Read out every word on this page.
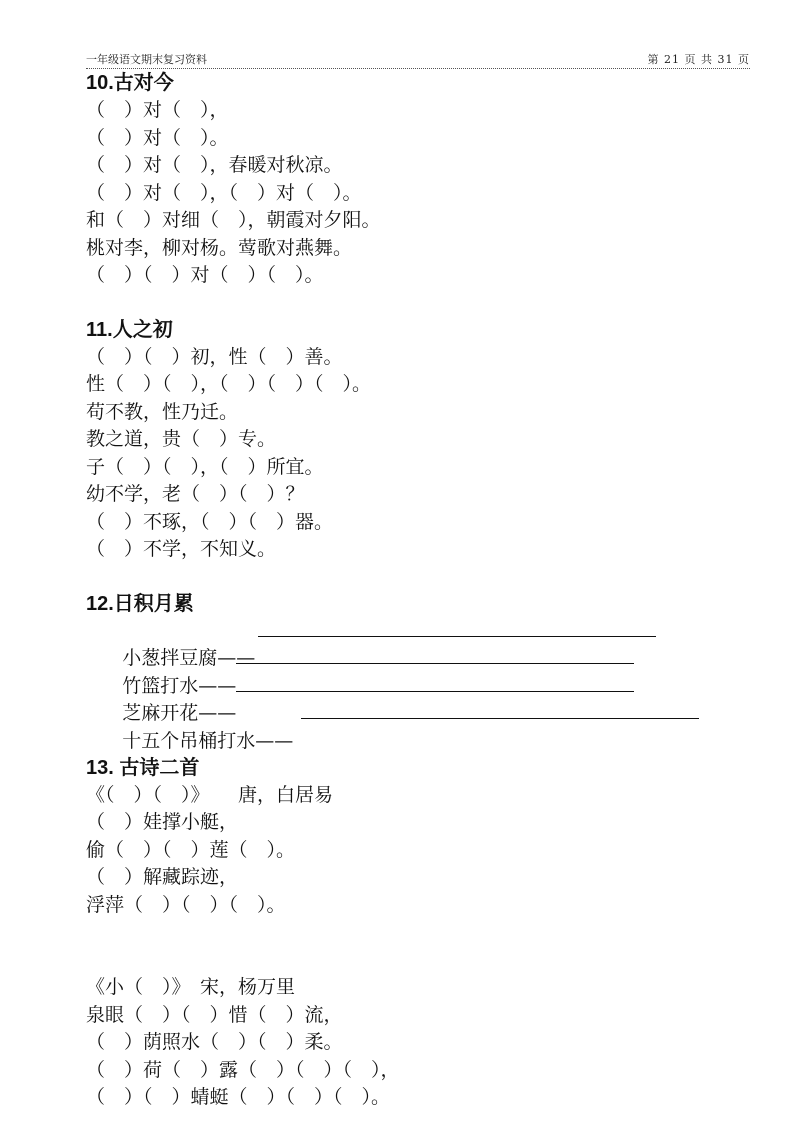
一年级语文期末复习资料	第 21 页 共 31 页
10.古对今
（　）对（　），
（　）对（　）。
（　）对（　），春暖对秋凉。
（　）对（　），（　）对（　）。
和（　）对细（　），朝霞对夕阳。
桃对李，柳对杨。莺歌对燕舞。
（　）（　）对（　）（　）。
11.人之初
（　）（　）初，性（　）善。
性（　）（　），（　）（　）（　）。
苟不教，性乃迁。
教之道，贵（　）专。
子（　）（　），（　）所宜。
幼不学，老（　）（　）？
（　）不琢，（　）（　）器。
（　）不学，不知义。
12.日积月累

小葱拌豆腐——

竹篮打水——

芝麻开花——

十五个吊桶打水——

13. 古诗二首
《（　）（　）》　　唐，白居易
（　）娃撑小艇，
偷（　）（　）莲（　）。
（　）解藏踪迹，
浮萍（　）（　）（　）。
《小（　）》　宋，杨万里
泉眼（　）（　）惜（　）流，
（　）荫照水（　）（　）柔。
（　）荷（　）露（　）（　）（　），
（　）（　）蜻蜓（　）（　）（　）。
